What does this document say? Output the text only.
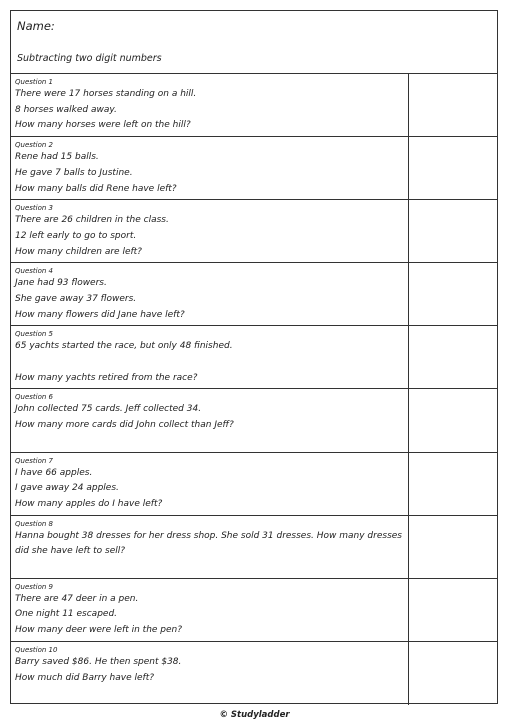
Name:
Subtracting two digit numbers
Question 1
There were 17 horses standing on a hill.
8 horses walked away.
How many horses were left on the hill?
Question 2
Rene had 15 balls.
He gave 7 balls to Justine.
How many balls did Rene have left?
Question 3
There are 26 children in the class.
12 left early to go to sport.
How many children are left?
Question 4
Jane had 93 flowers.
She gave away 37 flowers.
How many flowers did Jane have left?
Question 5
65 yachts started the race, but only 48 finished.

How many yachts retired from the race?
Question 6
John collected 75 cards. Jeff collected 34.
How many more cards did John collect than Jeff?
Question 7
I have 66 apples.
I gave away 24 apples.
How many apples do I have left?
Question 8
Hanna bought 38 dresses for her dress shop. She sold 31 dresses. How many dresses did she have left to sell?
Question 9
There are 47 deer in a pen.
One night 11 escaped.
How many deer were left in the pen?
Question 10
Barry saved $86. He then spent $38.
How much did Barry have left?
© Studyladder
